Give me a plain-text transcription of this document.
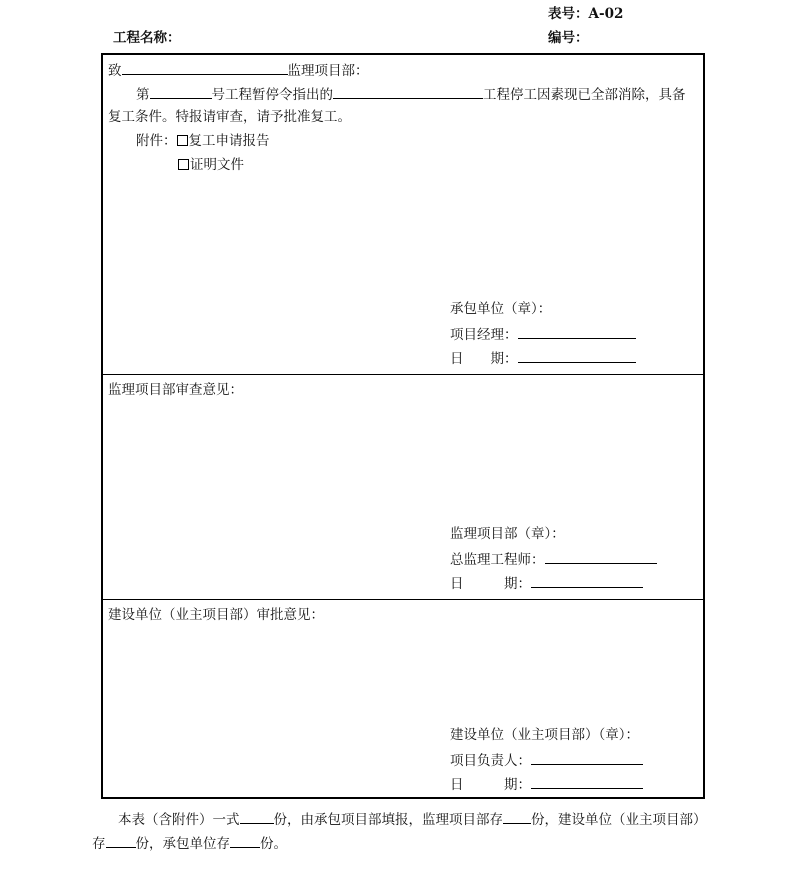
表号：A-02
工程名称：	编号：
致	监理项目部：
第	号工程暂停令指出的	工程停工因素现已全部消除，具备
复工条件。特报请审查，请予批准复工。
附件： 复工申请报告
证明文件
承包单位（章）：
项目经理：
日　　期：
监理项目部审查意见：
监理项目部（章）：
总监理工程师：
日　　　期：
建设单位（业主项目部）审批意见：
建设单位（业主项目部）（章）：
项目负责人：
日　　　期：
本表（含附件）一式	份，由承包项目部填报，监理项目部存 份，建设单位（业主项目部）
存 份，承包单位存 份。
